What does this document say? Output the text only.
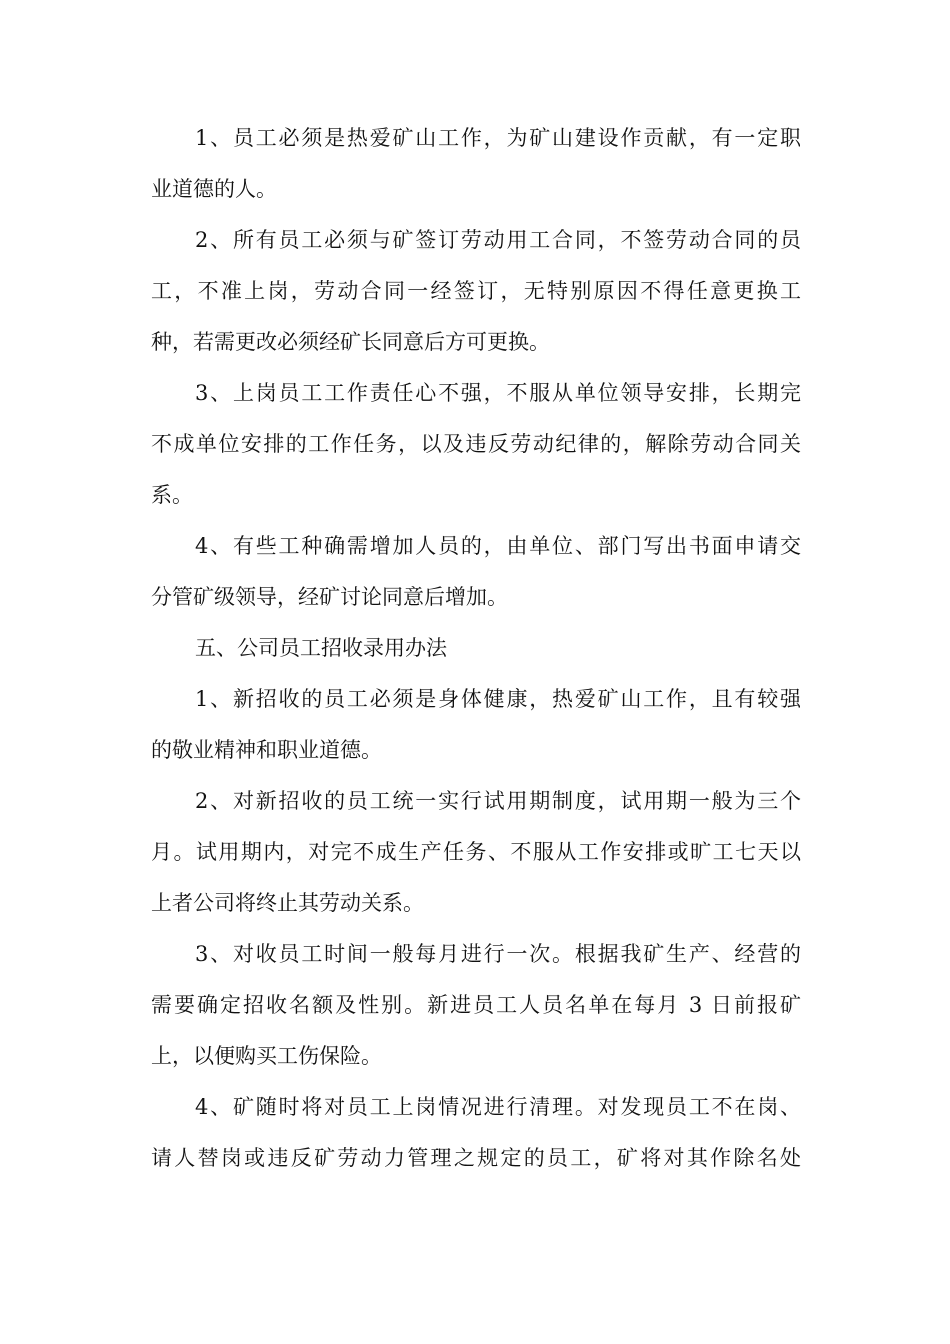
1、员工必须是热爱矿山工作，为矿山建设作贡献，有一定职
业道德的人。
2、所有员工必须与矿签订劳动用工合同，不签劳动合同的员
工，不准上岗，劳动合同一经签订，无特别原因不得任意更换工
种，若需更改必须经矿长同意后方可更换。
3、上岗员工工作责任心不强，不服从单位领导安排，长期完
不成单位安排的工作任务，以及违反劳动纪律的，解除劳动合同关
系。
4、有些工种确需增加人员的，由单位、部门写出书面申请交
分管矿级领导，经矿讨论同意后增加。
五、公司员工招收录用办法
1、新招收的员工必须是身体健康，热爱矿山工作，且有较强
的敬业精神和职业道德。
2、对新招收的员工统一实行试用期制度，试用期一般为三个
月。试用期内，对完不成生产任务、不服从工作安排或旷工七天以
上者公司将终止其劳动关系。
3、对收员工时间一般每月进行一次。根据我矿生产、经营的
需要确定招收名额及性别。新进员工人员名单在每月 3 日前报矿
上，以便购买工伤保险。
4、矿随时将对员工上岗情况进行清理。对发现员工不在岗、
请人替岗或违反矿劳动力管理之规定的员工，矿将对其作除名处
